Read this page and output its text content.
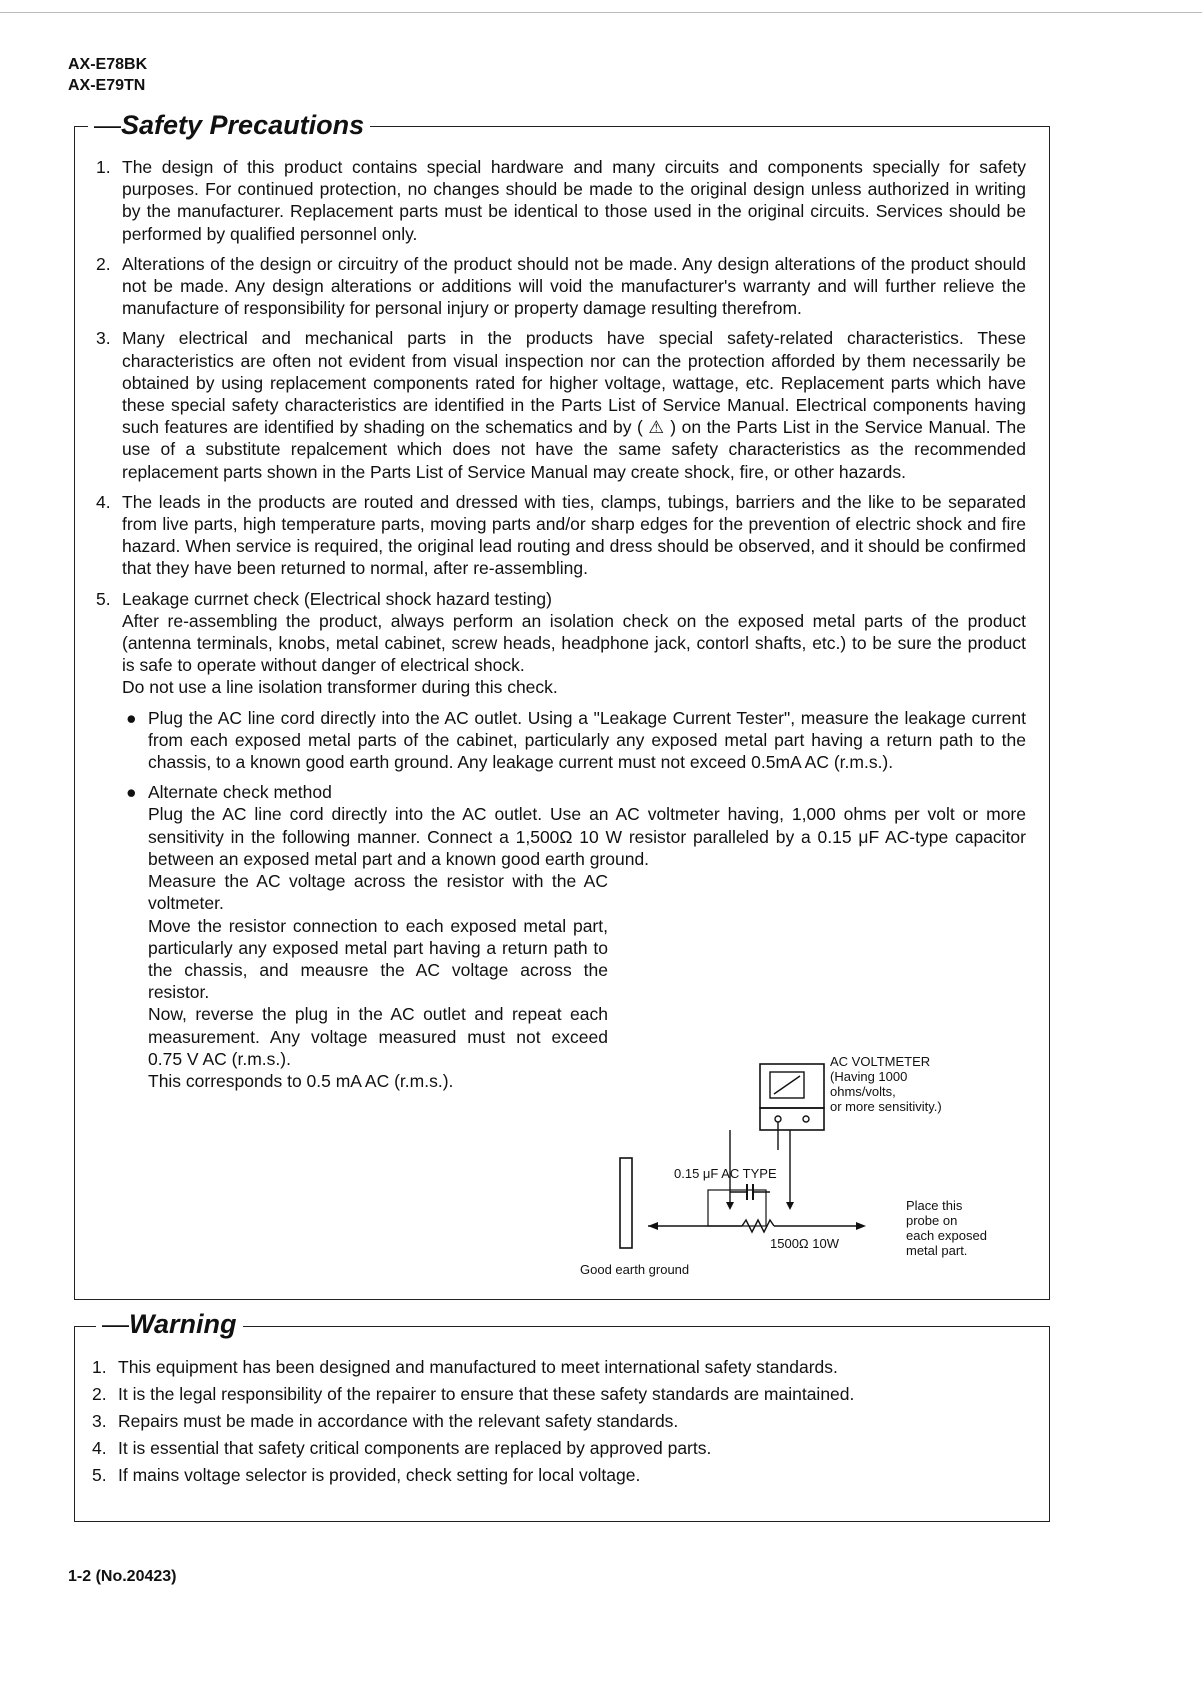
AX-E78BK
AX-E79TN
—Safety Precautions
1. The design of this product contains special hardware and many circuits and components specially for safety purposes. For continued protection, no changes should be made to the original design unless authorized in writing by the manufacturer. Replacement parts must be identical to those used in the original circuits. Services should be performed by qualified personnel only.
2. Alterations of the design or circuitry of the product should not be made. Any design alterations of the product should not be made. Any design alterations or additions will void the manufacturer's warranty and will further relieve the manufacture of responsibility for personal injury or property damage resulting therefrom.
3. Many electrical and mechanical parts in the products have special safety-related characteristics. These characteristics are often not evident from visual inspection nor can the protection afforded by them necessarily be obtained by using replacement components rated for higher voltage, wattage, etc. Replacement parts which have these special safety characteristics are identified in the Parts List of Service Manual. Electrical components having such features are identified by shading on the schematics and by ( ⚠ ) on the Parts List in the Service Manual. The use of a substitute repalcement which does not have the same safety characteristics as the recommended replacement parts shown in the Parts List of Service Manual may create shock, fire, or other hazards.
4. The leads in the products are routed and dressed with ties, clamps, tubings, barriers and the like to be separated from live parts, high temperature parts, moving parts and/or sharp edges for the prevention of electric shock and fire hazard. When service is required, the original lead routing and dress should be observed, and it should be confirmed that they have been returned to normal, after re-assembling.
5. Leakage currnet check (Electrical shock hazard testing)
After re-assembling the product, always perform an isolation check on the exposed metal parts of the product (antenna terminals, knobs, metal cabinet, screw heads, headphone jack, contorl shafts, etc.) to be sure the product is safe to operate without danger of electrical shock.
Do not use a line isolation transformer during this check.
● Plug the AC line cord directly into the AC outlet. Using a "Leakage Current Tester", measure the leakage current from each exposed metal parts of the cabinet, particularly any exposed metal part having a return path to the chassis, to a known good earth ground. Any leakage current must not exceed 0.5mA AC (r.m.s.).
● Alternate check method
Plug the AC line cord directly into the AC outlet. Use an AC voltmeter having, 1,000 ohms per volt or more sensitivity in the following manner. Connect a 1,500Ω 10 W resistor paralleled by a 0.15 μF AC-type capacitor between an exposed metal part and a known good earth ground.
Measure the AC voltage across the resistor with the AC voltmeter.
Move the resistor connection to each exposed metal part, particularly any exposed metal part having a return path to the chassis, and meausre the AC voltage across the resistor.
Now, reverse the plug in the AC outlet and repeat each measurement. Any voltage measured must not exceed 0.75 V AC (r.m.s.).
This corresponds to 0.5 mA AC (r.m.s.).
0.15 μF AC TYPE
1500Ω 10W
Good earth ground
AC VOLTMETER
(Having 1000
ohms/volts,
or more sensitivity.)
Place this
probe on
each exposed
metal part.
—Warning
1. This equipment has been designed and manufactured to meet international safety standards.
2. It is the legal responsibility of the repairer to ensure that these safety standards are maintained.
3. Repairs must be made in accordance with the relevant safety standards.
4. It is essential that safety critical components are replaced by approved parts.
5. If mains voltage selector is provided, check setting for local voltage.
1-2 (No.20423)
